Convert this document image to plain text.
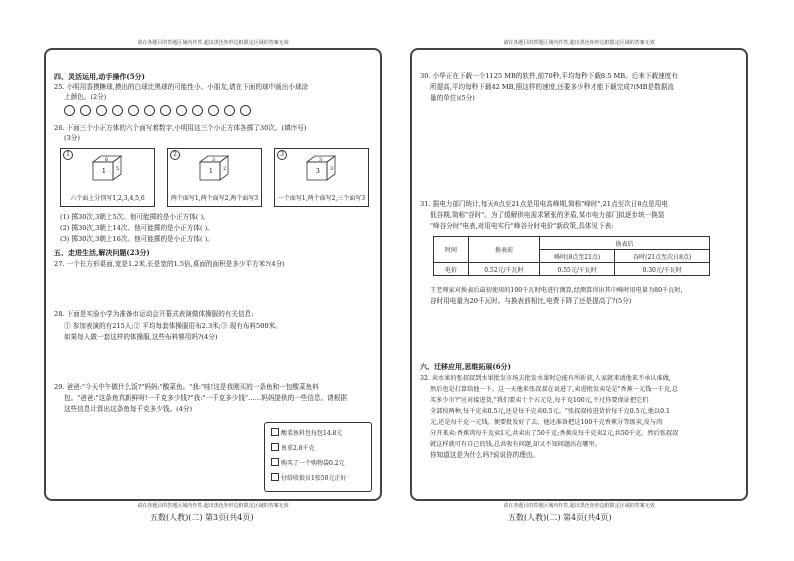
请在各题目的答题区域内作答,超出黑色矩形边框限定区域的答案无效
请在各题目的答题区域内作答,超出黑色矩形边框限定区域的答案无效
四、灵活运用,动手操作(5分)
25. 小明用香摸糖球,摸出的白球比黑球的可能性小。小朋友,请在下面的球中画出小球涂
上颜色。(2分)
26. 下面三个小正方体的六个面写着数字,小明用这三个小正方体各掷了30次。(填序号)
(3分)
1
6
1 5
六个面上分别写1,2,3,4,5,6
2
3
1 2
两个面写1,两个面写2,两个面写3
3
3
3 3
一个面写1,两个面写2,三个面写3
(1) 掷30次,3朝上5次。他可能掷的是小正方体( )。
(2) 掷30次,3朝上14次。他可能掷的是小正方体( )。
(3) 掷30次,3朝上16次。他可能掷的是小正方体( )。
五、走进生活,解决问题(23分)
27. 一个长方形桌面,宽是1.2米,长是宽的1.5倍,桌面的面积是多少平方米?(4分)
28. 下面是实验小学为准备市运动会开幕式表演做体操服的有关信息:
① 参加表演的有215人;② 平均每套体操服用布2.3米;③ 现有布料500米。
如果每人做一套这样的体操服,这些布料够用吗?(4分)
29. 爸爸:"今天中午做什么饭?"妈妈:"酸菜鱼。"我:"哇!这是我刚买的一条鱼和一包酸菜鱼料
包。"爸爸:"这条鱼真新鲜呀!一千克多少钱?"我:"一千克多少钱"……妈妈提供的一些信息。请根据
这些信息计算出这条鱼每千克多少钱。(4分)
酸菜鱼料包每包14.8元
鱼重2.8千克
购买了一个购物袋0.2元
付给收银员1张50元正好
请在各题目的答题区域内作答,超出黑色矩形边框限定区域的答案无效
请在各题目的答题区域内作答,超出黑色矩形边框限定区域的答案无效
30. 小华正在下载一个1125 MB的软件,前70秒,平均每秒下载8.5 MB。后来下载速度有
所提高,平均每秒下载42 MB,照这样的速度,还要多少秒才能下载完成?(MB是数据流
量的单位)(5分)
31. 据电力部门统计,每天8点至21点是用电高峰期,简称"峰时",21点至次日8点是用电
低谷期,简称"谷时"。为了缓解供电需求紧张的矛盾,某市电力部门拟逐步统一换装
"峰谷分时"电表,对用电实行"峰谷分时电价"新政策,具体见下表:
时间	换表前	换表后	
		峰时(8点至21点)	谷时(21点至次日8点)
电价	0.52元/千瓦时	0.55元/千瓦时	0.30元/千瓦时
王老师家对换表后最初使用的100千瓦时电进行测算,经测算得出其中峰时用电量为80千瓦时,
谷时用电量为20千瓦时。与换表前相比,电费下降了还是提高了?(5分)
六、迁移应用,思维拓展(6分)
32. 卖水果的张叔叔到水果批发市场去批发水果时总能有所斩获,人家就来请他来不承认谁做,
然后也是打算给他一下。这一天他来张叔叔在说进了,卖进批发卖是是"香蕉一元钱一千克,总
买多少市?"应对接进货,"我们要卖十个五元是,每千克100元,不过你要保证把它们
全部按两种,每千克卖0.5元,还是每千克卖0.5元。"张叔叔按进货价每千克0.5元,他以0.1
元,还是每千克一元钱。便要批发好了去。他还准备把这100千克香蕉分等级卖,皮与肉
分开来卖:香蕉肉每千克卖1元,共卖出了50千克;香蕉皮每千克卖2元,共50千克。然后张叔叔
就这样就可有自己的钱,总共收有问题,却又不知问题出在哪里。
你知道这是为什么吗?说说你的理由。
五数(人教)(二) 第3页(共4页)	五数(人教)(二) 第4页(共4页)
